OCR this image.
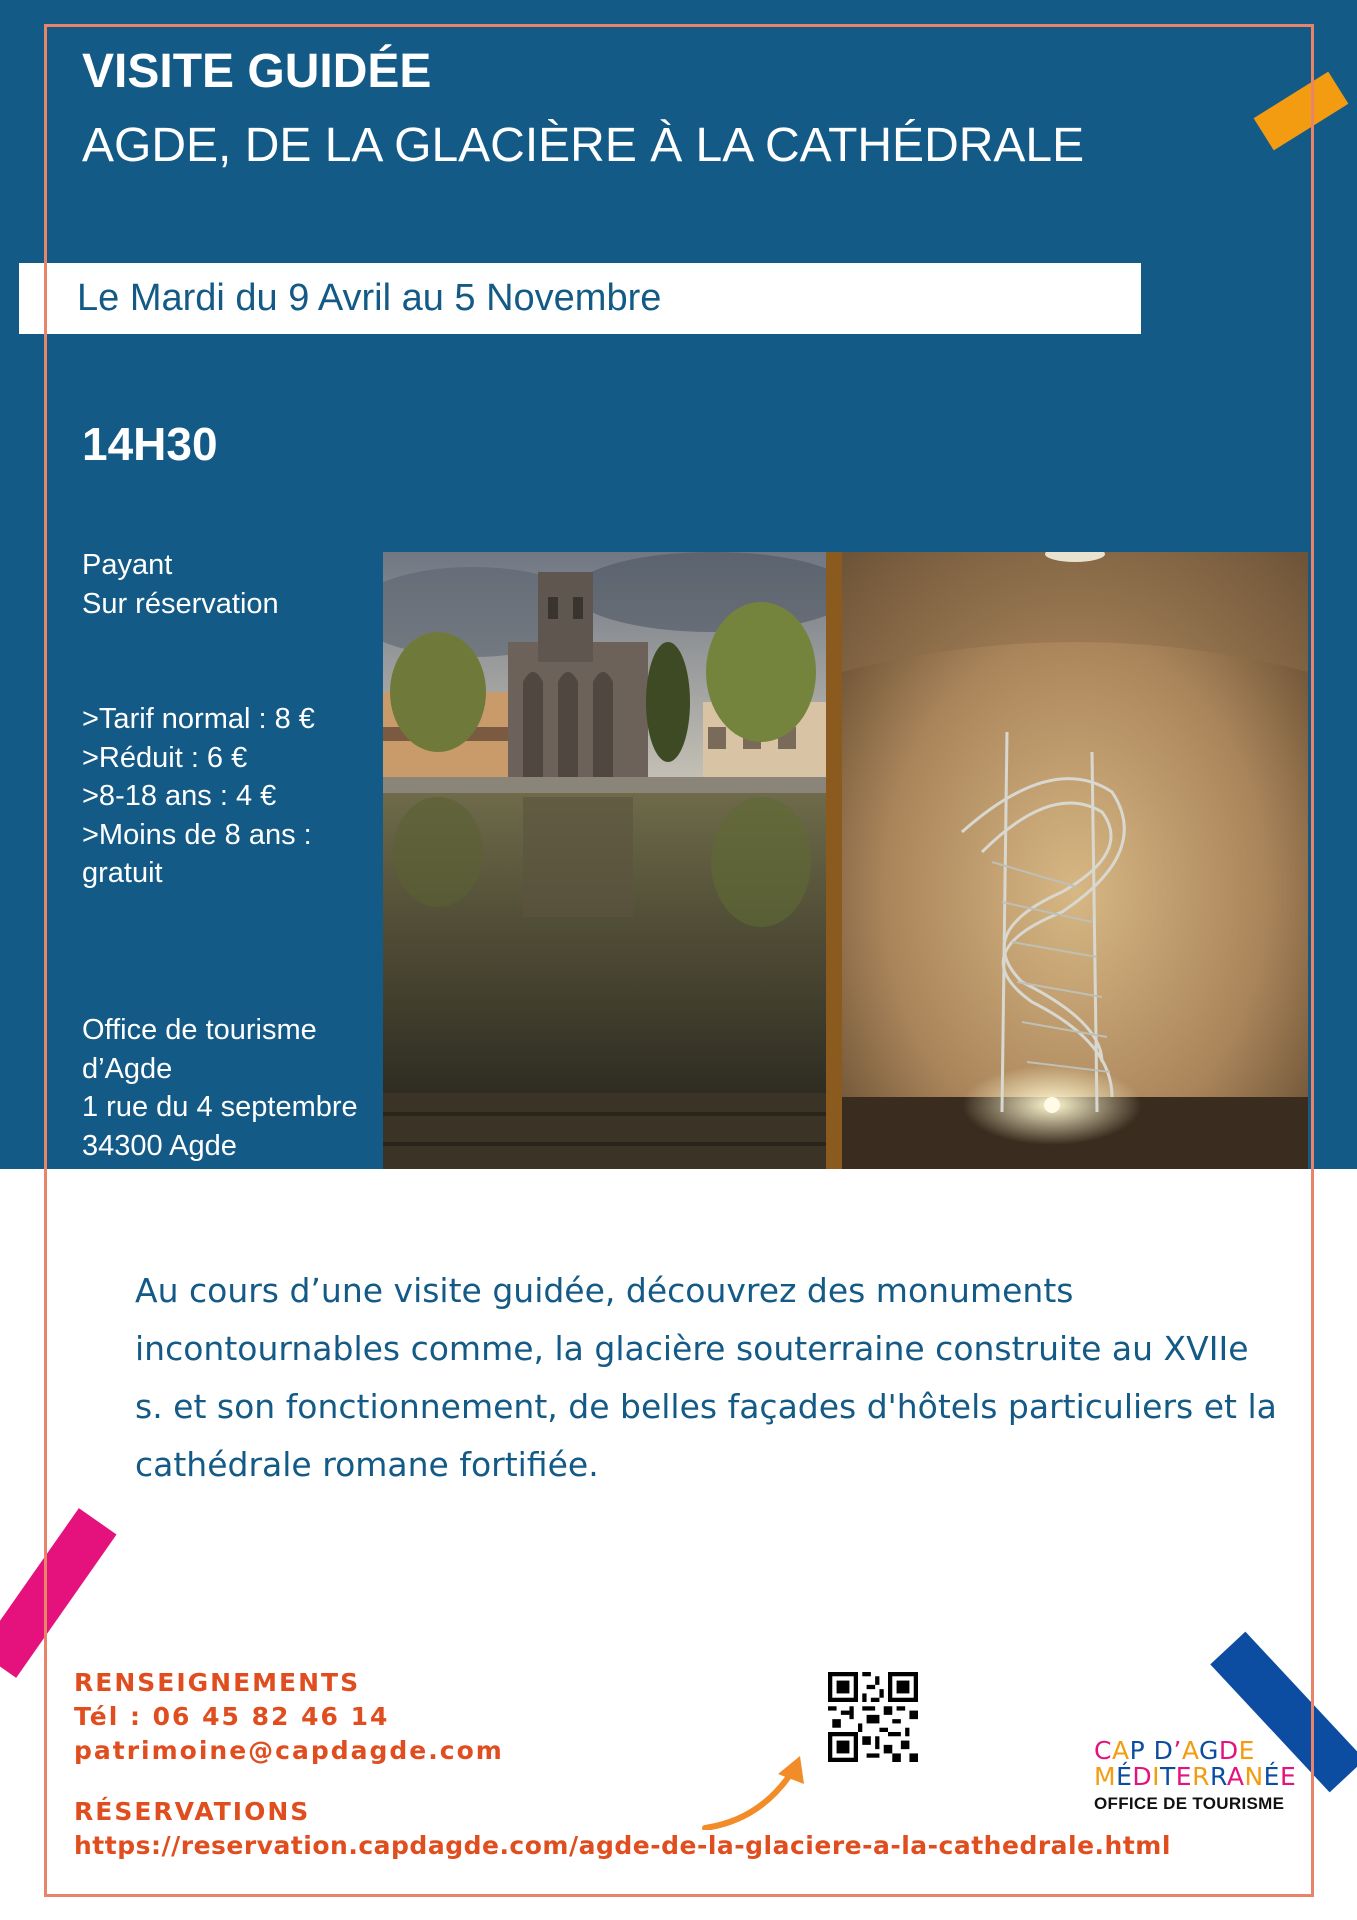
VISITE GUIDÉE
AGDE, DE LA GLACIÈRE À LA CATHÉDRALE
Le Mardi du 9 Avril au 5 Novembre
14H30
Payant
Sur réservation
>Tarif normal : 8 €
>Réduit : 6 €
>8-18 ans : 4 €
>Moins de 8 ans :
gratuit
Office de tourisme
d’Agde
1 rue du 4 septembre
34300 Agde
Au cours d’une visite guidée, découvrez des monuments incontournables comme, la glacière souterraine construite au XVIIe s. et son fonctionnement, de belles façades d'hôtels particuliers et la cathédrale romane fortifiée.
RENSEIGNEMENTS
Tél : 06 45 82 46 14
patrimoine@capdagde.com
RÉSERVATIONS
https://reservation.capdagde.com/agde-de-la-glaciere-a-la-cathedrale.html
CAP D’AGDE
MÉDITERRANÉE
OFFICE DE TOURISME
